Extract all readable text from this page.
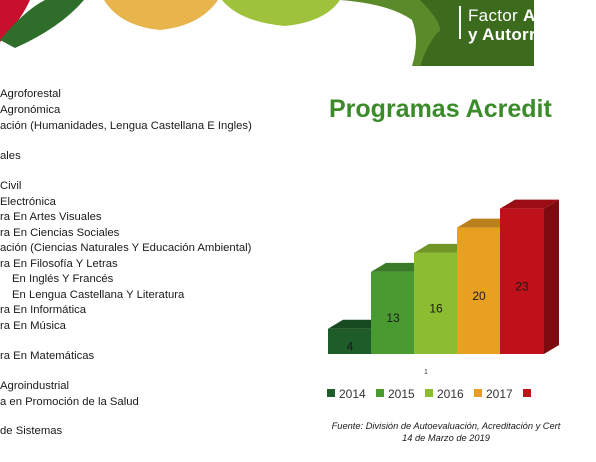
Factor Au
y Autorre
Agroforestal
Agronómica
ación (Humanidades, Lengua Castellana E Ingles)
ales
Civil
Electrónica
ra En Artes Visuales
ra En Ciencias Sociales
ación (Ciencias Naturales Y Educación Ambiental)
ra En Filosofía Y Letras
En Inglés Y Francés
En Lengua Castellana Y Literatura
ra En Informática
ra En Música
ra En Matemáticas
Agroindustrial
a en Promoción de la Salud
de Sistemas
Programas Acredit
4
13
16
20
23
1
2014 2015 2016 2017
Fuente: División de Autoevaluación, Acreditación y Cert
14 de Marzo de 2019
